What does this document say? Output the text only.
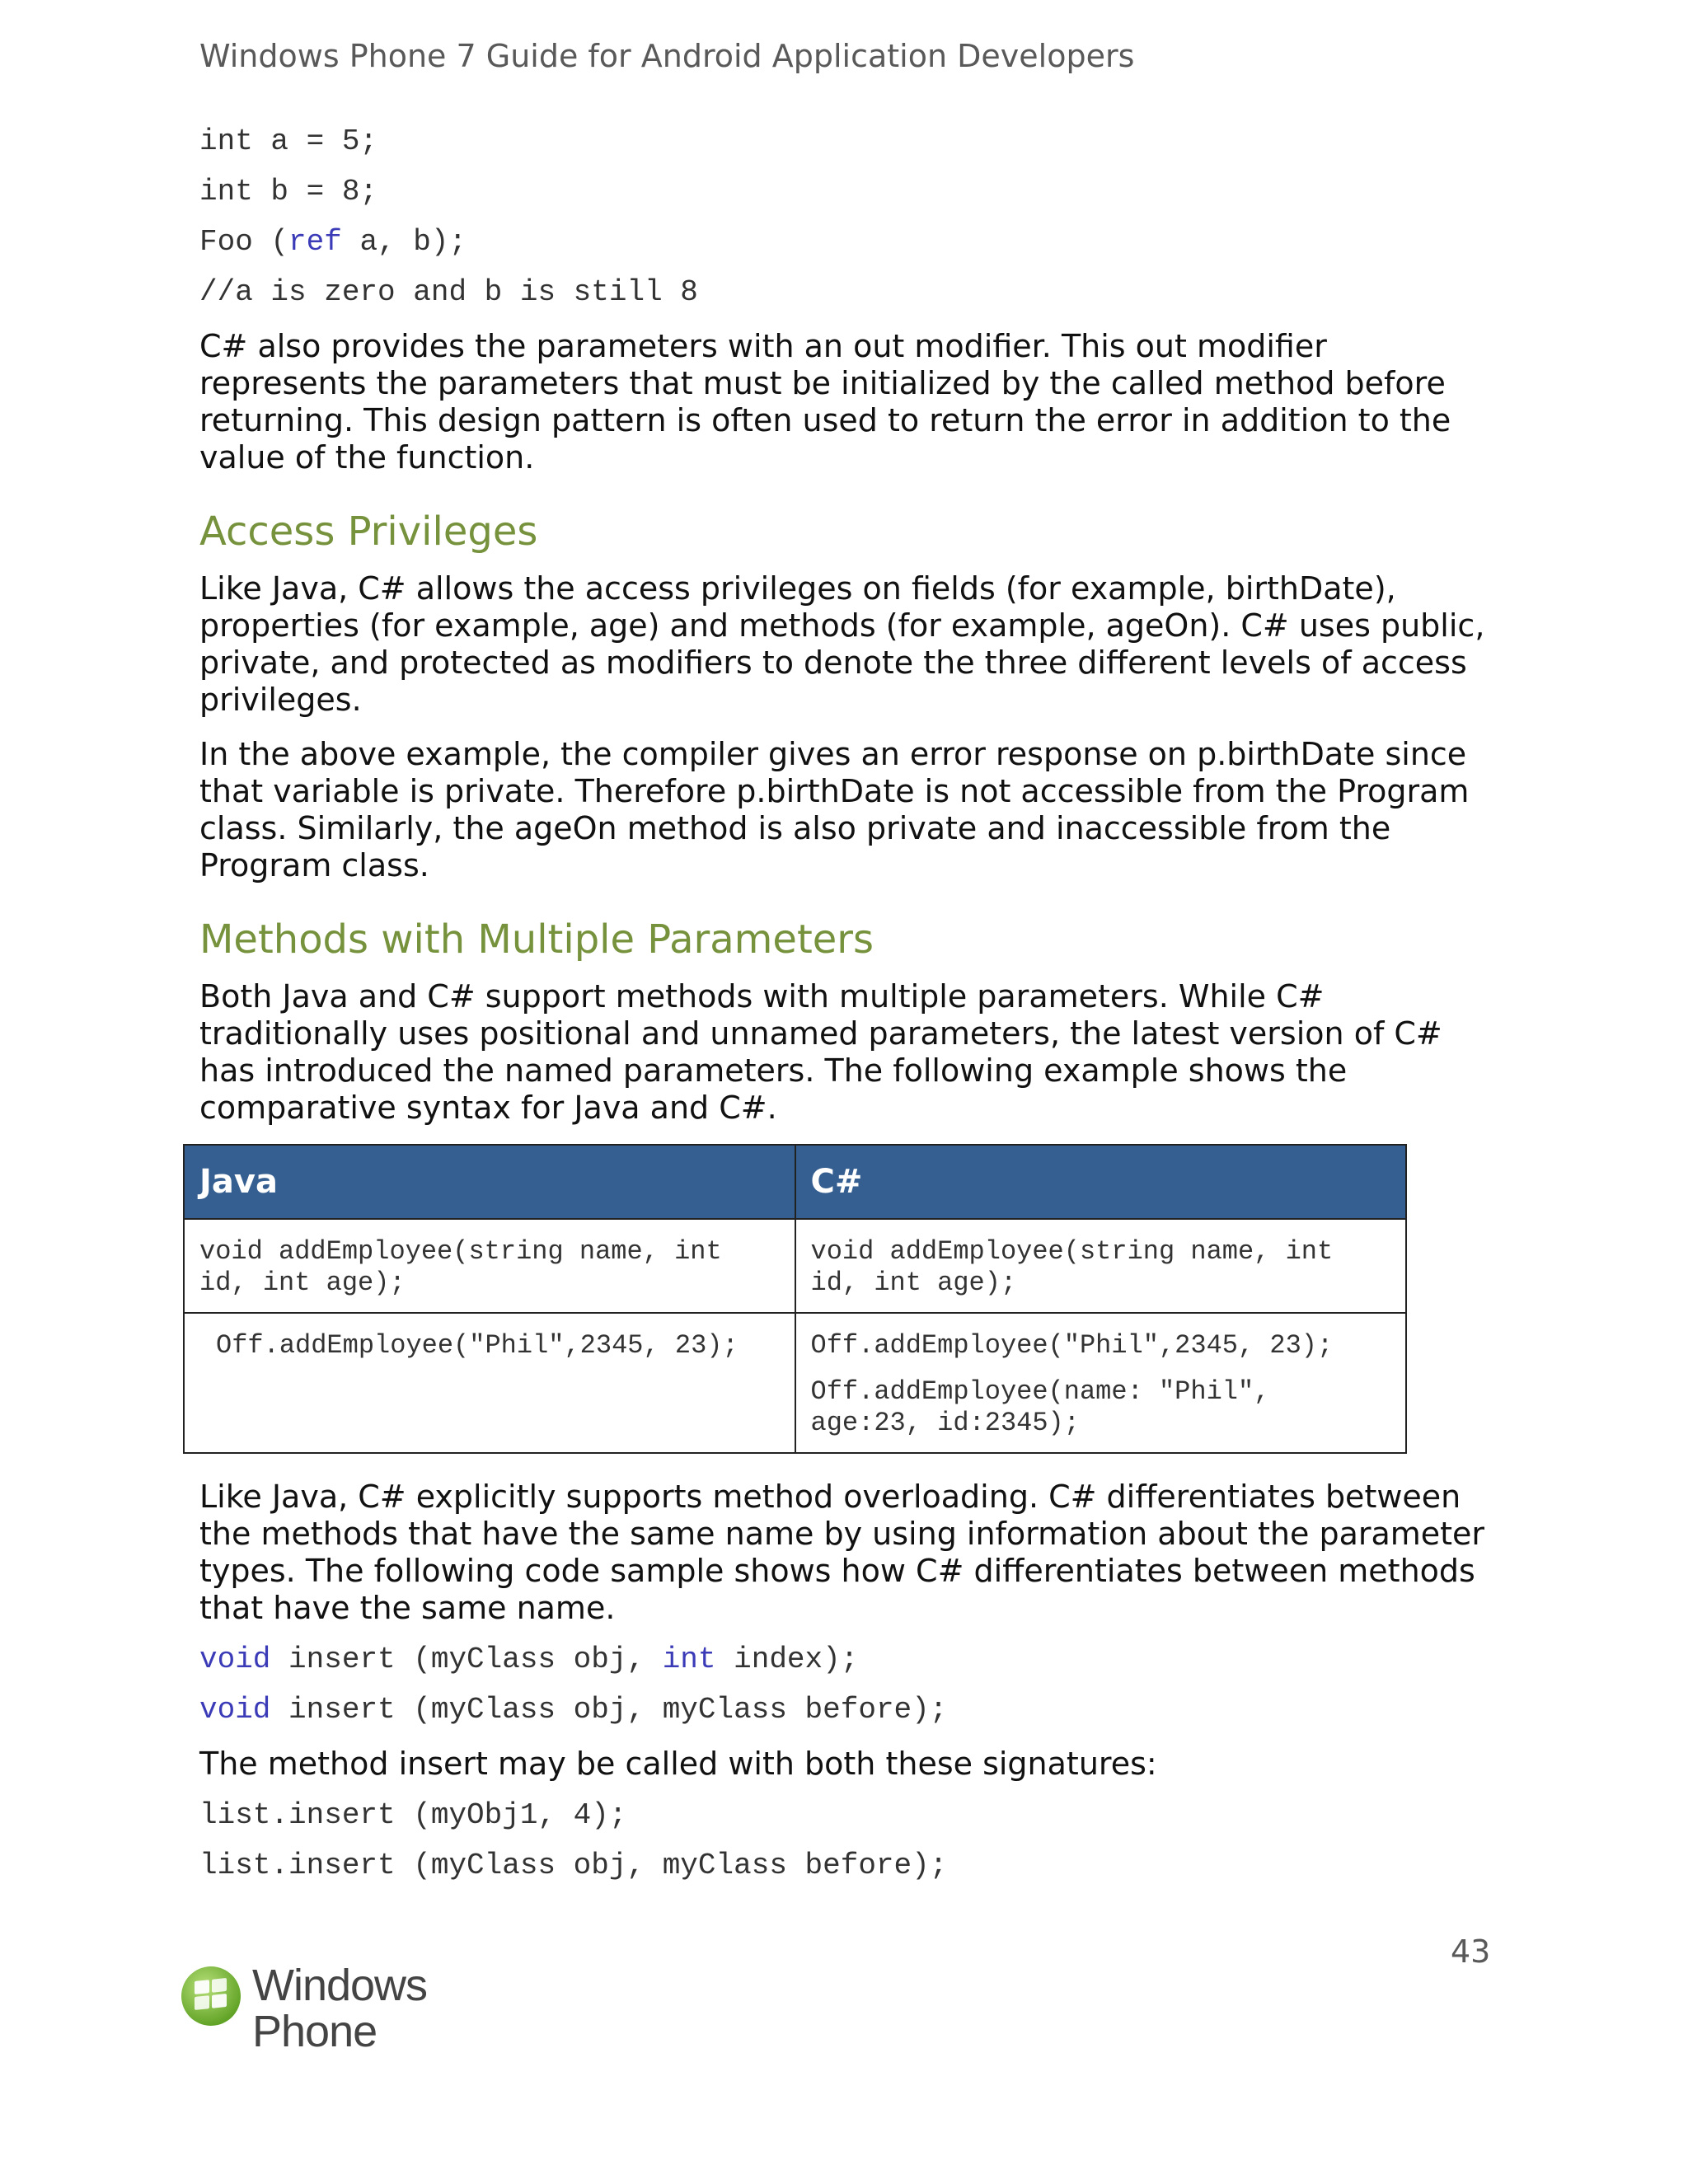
Windows Phone 7 Guide for Android Application Developers
int a = 5;
int b = 8;
Foo (ref a, b);
//a is zero and b is still 8
C# also provides the parameters with an out modifier. This out modifier represents the parameters that must be initialized by the called method before returning. This design pattern is often used to return the error in addition to the value of the function.
Access Privileges
Like Java, C# allows the access privileges on fields (for example, birthDate), properties (for example, age) and methods (for example, ageOn). C# uses public, private, and protected as modifiers to denote the three different levels of access privileges.
In the above example, the compiler gives an error response on p.birthDate since that variable is private. Therefore p.birthDate is not accessible from the Program class. Similarly, the ageOn method is also private and inaccessible from the Program class.
Methods with Multiple Parameters
Both Java and C# support methods with multiple parameters. While C# traditionally uses positional and unnamed parameters, the latest version of C# has introduced the named parameters. The following example shows the comparative syntax for Java and C#.
Java	C#

void addEmployee(string name, int id, int age);	void addEmployee(string name, int id, int age);

Off.addEmployee("Phil",2345, 23);	Off.addEmployee("Phil",2345, 23);
Off.addEmployee(name: "Phil", age:23, id:2345);
Like Java, C# explicitly supports method overloading. C# differentiates between the methods that have the same name by using information about the parameter types. The following code sample shows how C# differentiates between methods that have the same name.
void insert (myClass obj, int index);
void insert (myClass obj, myClass before);
The method insert may be called with both these signatures:
list.insert (myObj1, 4);
list.insert (myClass obj, myClass before);
43
Windows
Phone
